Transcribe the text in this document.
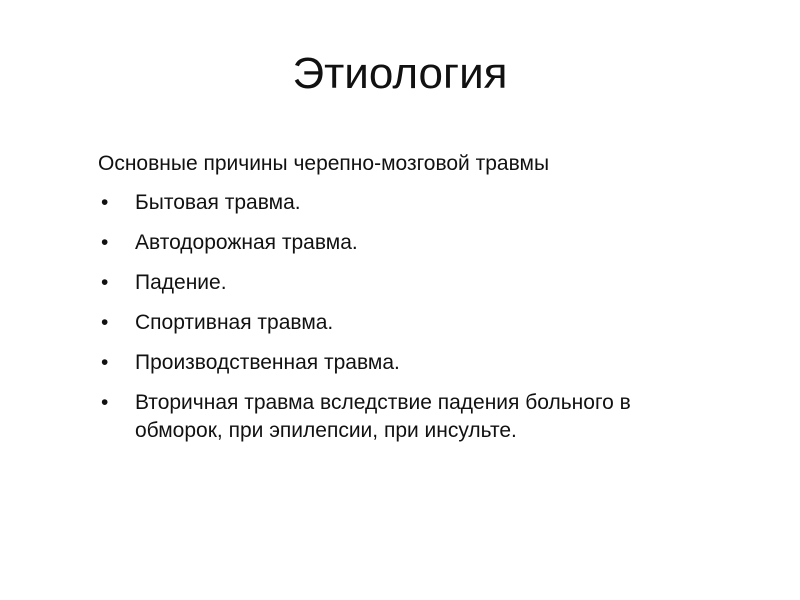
Этиология

Основные причины черепно-мозговой травмы

• Бытовая травма.
• Автодорожная травма.
• Падение.
• Спортивная травма.
• Производственная травма.
• Вторичная травма вследствие падения больного в обморок, при эпилепсии, при инсульте.
